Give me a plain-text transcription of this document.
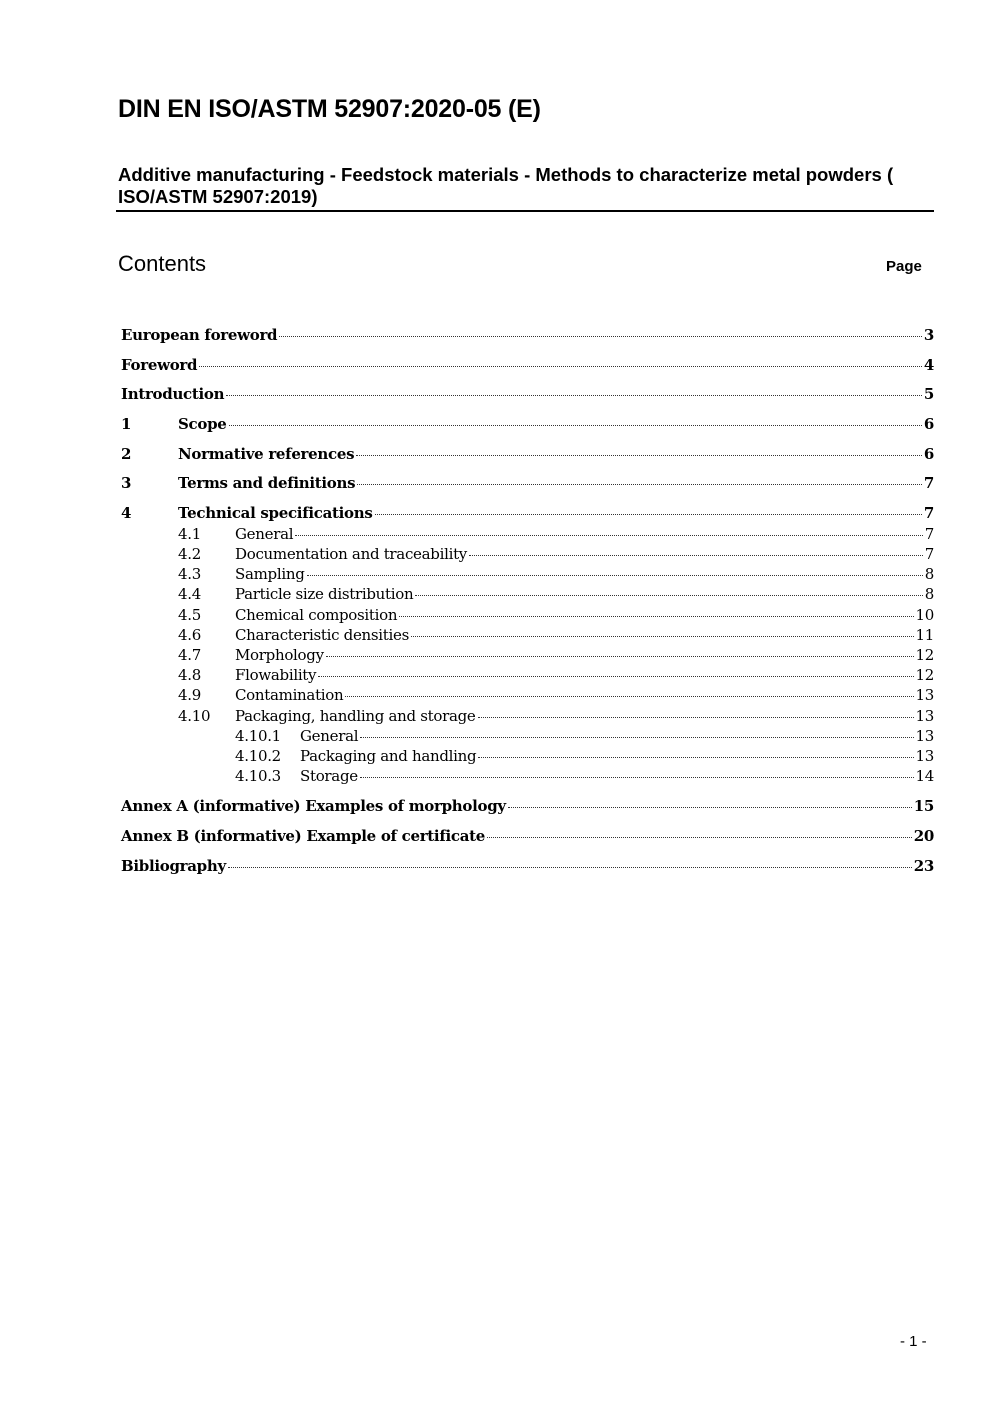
DIN EN ISO/ASTM 52907:2020-05 (E)
Additive manufacturing - Feedstock materials - Methods to characterize metal powders ( ISO/ASTM 52907:2019)
Contents	Page
European foreword	3
Foreword	4
Introduction	5
1	Scope	6
2	Normative references	6
3	Terms and definitions	7
4	Technical specifications	7
4.1	General	7
4.2	Documentation and traceability	7
4.3	Sampling	8
4.4	Particle size distribution	8
4.5	Chemical composition	10
4.6	Characteristic densities	11
4.7	Morphology	12
4.8	Flowability	12
4.9	Contamination	13
4.10	Packaging, handling and storage	13
4.10.1	General	13
4.10.2	Packaging and handling	13
4.10.3	Storage	14
Annex A (informative) Examples of morphology	15
Annex B (informative) Example of certificate	20
Bibliography	23
- 1 -
